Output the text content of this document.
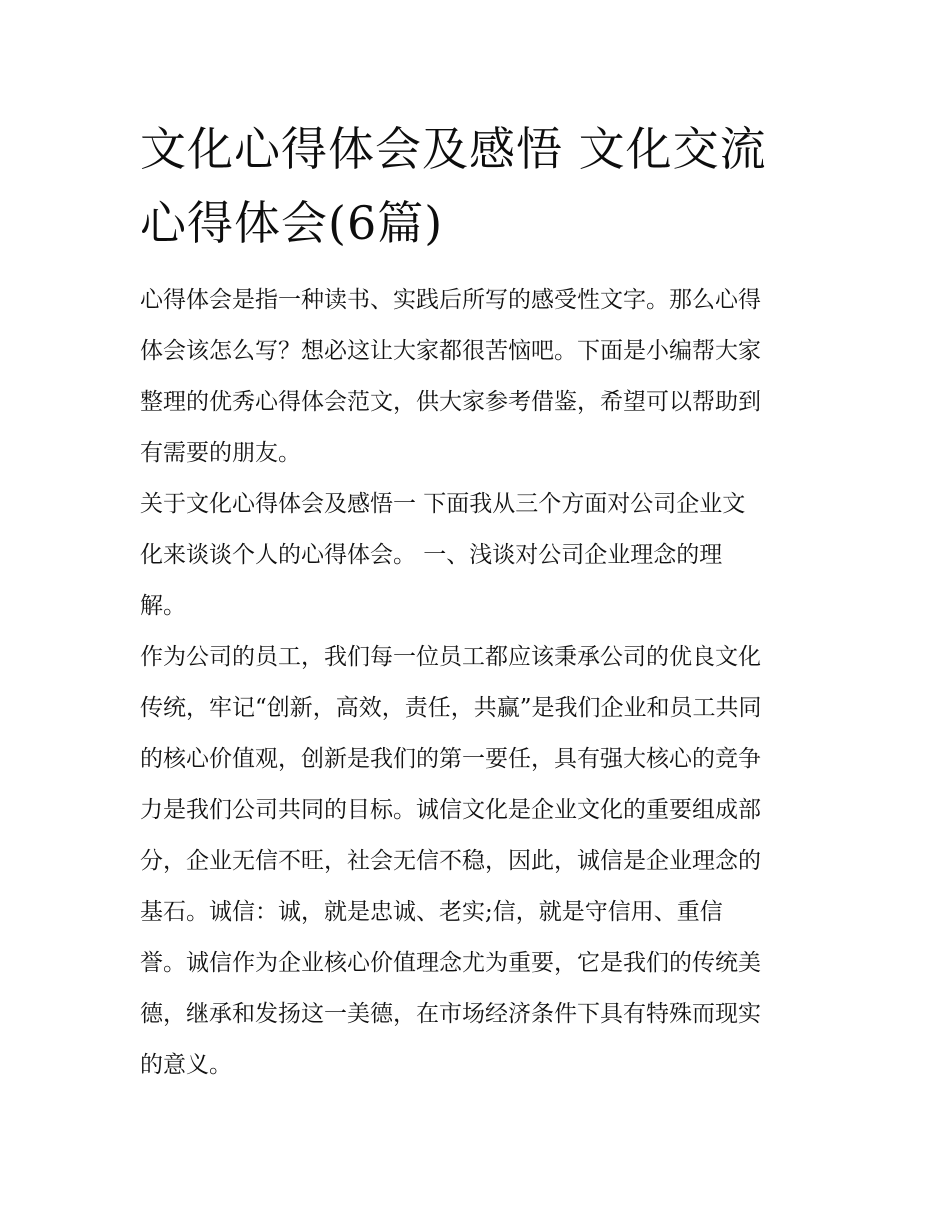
文化心得体会及感悟 文化交流
心得体会(6篇)

心得体会是指一种读书、实践后所写的感受性文字。那么心得
体会该怎么写？想必这让大家都很苦恼吧。下面是小编帮大家
整理的优秀心得体会范文，供大家参考借鉴，希望可以帮助到
有需要的朋友。

关于文化心得体会及感悟一 下面我从三个方面对公司企业文
化来谈谈个人的心得体会。 一、浅谈对公司企业理念的理
解。

作为公司的员工，我们每一位员工都应该秉承公司的优良文化
传统，牢记“创新，高效，责任，共赢”是我们企业和员工共同
的核心价值观，创新是我们的第一要任，具有强大核心的竞争
力是我们公司共同的目标。诚信文化是企业文化的重要组成部
分，企业无信不旺，社会无信不稳，因此，诚信是企业理念的
基石。诚信：诚，就是忠诚、老实;信，就是守信用、重信
誉。诚信作为企业核心价值理念尤为重要，它是我们的传统美
德，继承和发扬这一美德，在市场经济条件下具有特殊而现实
的意义。
